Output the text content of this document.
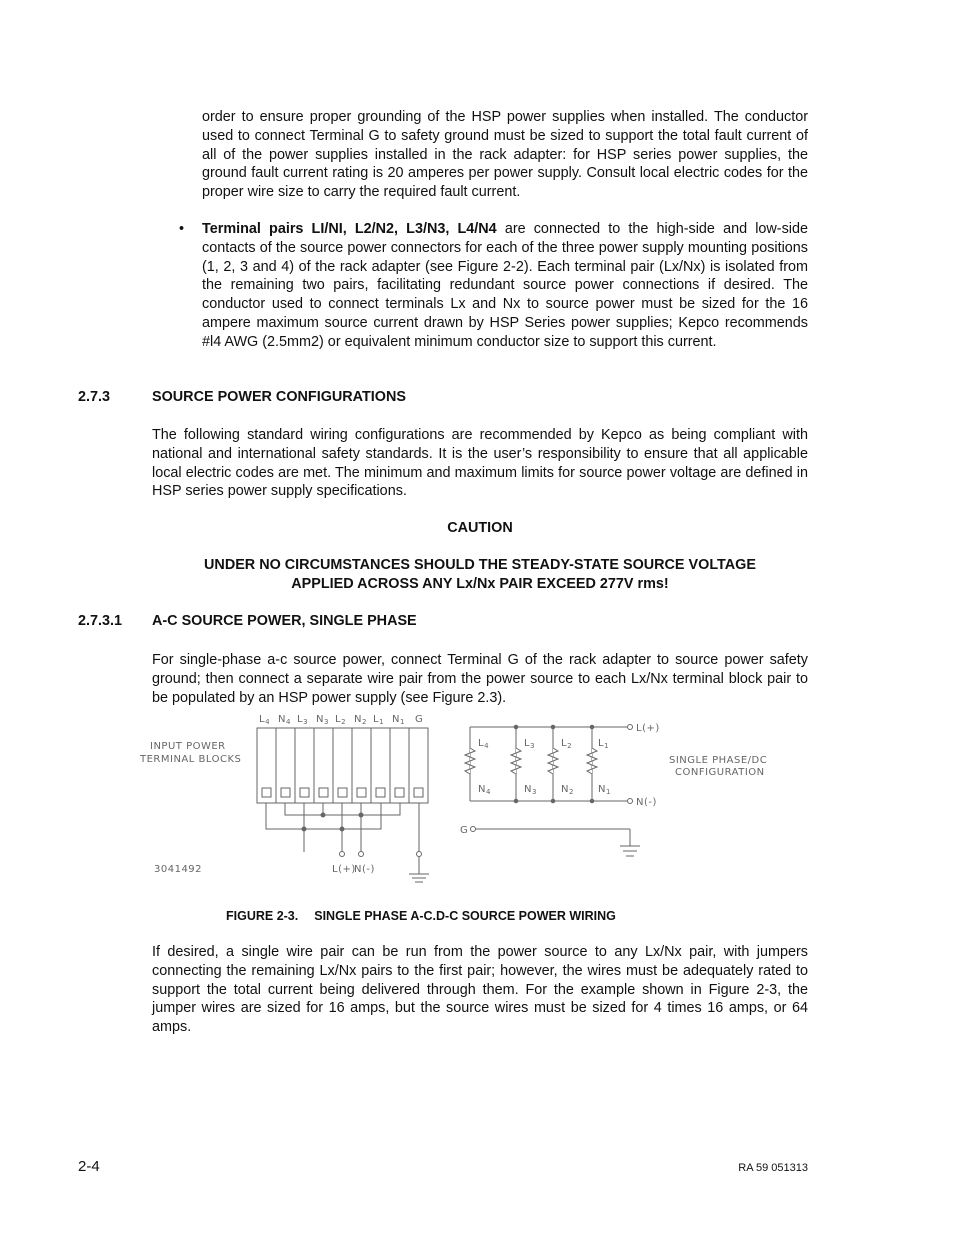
order to ensure proper grounding of the HSP power supplies when installed. The conductor used to connect Terminal G to safety ground must be sized to support the total fault current of all of the power supplies installed in the rack adapter: for HSP series power supplies, the ground fault current rating is 20 amperes per power supply. Consult local electric codes for the proper wire size to carry the required fault current.

• Terminal pairs LI/NI, L2/N2, L3/N3, L4/N4 are connected to the high-side and low-side contacts of the source power connectors for each of the three power supply mounting positions (1, 2, 3 and 4) of the rack adapter (see Figure 2-2). Each terminal pair (Lx/Nx) is isolated from the remaining two pairs, facilitating redundant source power connections if desired. The conductor used to connect terminals Lx and Nx to source power must be sized for the 16 ampere maximum source current drawn by HSP Series power supplies; Kepco recommends #l4 AWG (2.5mm2) or equivalent minimum conductor size to support this current.

2.7.3	SOURCE POWER CONFIGURATIONS

The following standard wiring configurations are recommended by Kepco as being compliant with national and international safety standards. It is the user’s responsibility to ensure that all applicable local electric codes are met. The minimum and maximum limits for source power voltage are defined in HSP series power supply specifications.

CAUTION
UNDER NO CIRCUMSTANCES SHOULD THE STEADY-STATE SOURCE VOLTAGE
APPLIED ACROSS ANY Lx/Nx PAIR EXCEED 277V rms!
2.7.3.1 A-C SOURCE POWER, SINGLE PHASE

For single-phase a-c source power, connect Terminal G of the rack adapter to source power safety ground; then connect a separate wire pair from the power source to each Lx/Nx terminal block pair to be populated by an HSP power supply (see Figure 2.3).

INPUT POWER
TERMINAL BLOCKS
$L_4$ $N_4$ $L_3$ $N_3$ $L_2$ $N_2$ $L_1$ $N_1$ G
L(+)
N(-)
3041492
$L_4$	$L_3$	$L_2$	$L_1$
$N_4$	$N_3$ $N_2$ $N_1$
L(+)
N(-)
G
SINGLE PHASE/DC
CONFIGURATION
FIGURE 2-3. SINGLE PHASE A-C.D-C SOURCE POWER WIRING

If desired, a single wire pair can be run from the power source to any Lx/Nx pair, with jumpers connecting the remaining Lx/Nx pairs to the first pair; however, the wires must be adequately rated to support the total current being delivered through them. For the example shown in Figure 2-3, the jumper wires are sized for 16 amps, but the source wires must be sized for 4 times 16 amps, or 64 amps.

2-4	RA 59 051313
